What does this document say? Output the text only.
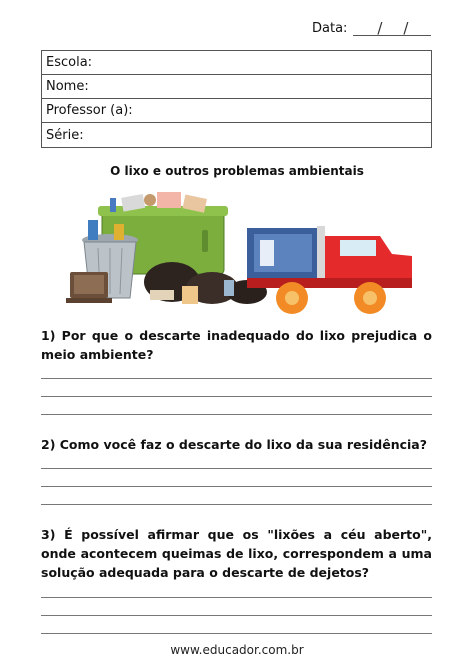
Data: / /
Escola:
Nome:
Professor (a):
Série:
O lixo e outros problemas ambientais
1) Por que o descarte inadequado do lixo prejudica o meio ambiente?
2) Como você faz o descarte do lixo da sua residência?
3) É possível afirmar que os "lixões a céu aberto", onde acontecem queimas de lixo, correspondem a uma solução adequada para o descarte de dejetos?
www.educador.com.br
